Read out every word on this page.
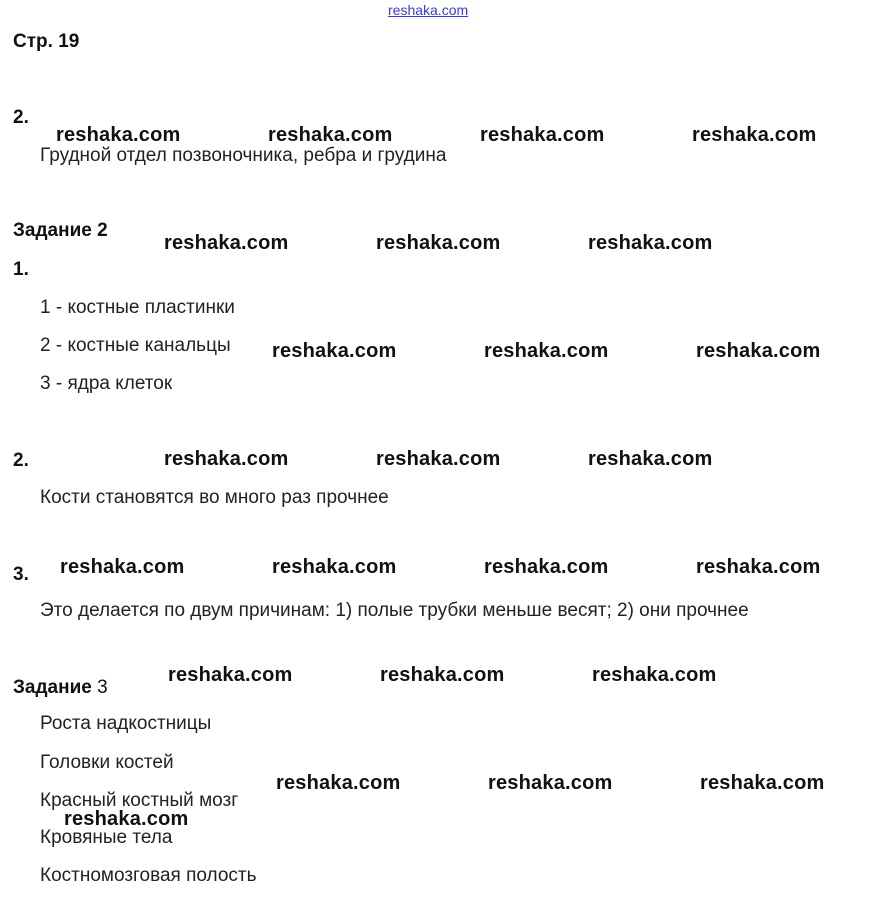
reshaka.com
Стр. 19
2.
Грудной отдел позвоночника, ребра и грудина
Задание 2
1.
1 - костные пластинки
2 - костные канальцы
3 - ядра клеток
2.
Кости становятся во много раз прочнее
3.
Это делается по двум причинам: 1) полые трубки меньше весят; 2) они прочнее
Задание 3
Роста надкостницы
Головки костей
Красный костный мозг
Кровяные тела
Костномозговая полость
reshaka.com	reshaka.com	reshaka.com	reshaka.com
reshaka.com	reshaka.com	reshaka.com
reshaka.com	reshaka.com	reshaka.com
reshaka.com	reshaka.com	reshaka.com
reshaka.com	reshaka.com	reshaka.com	reshaka.com
reshaka.com	reshaka.com	reshaka.com
reshaka.com	reshaka.com	reshaka.com
reshaka.com
